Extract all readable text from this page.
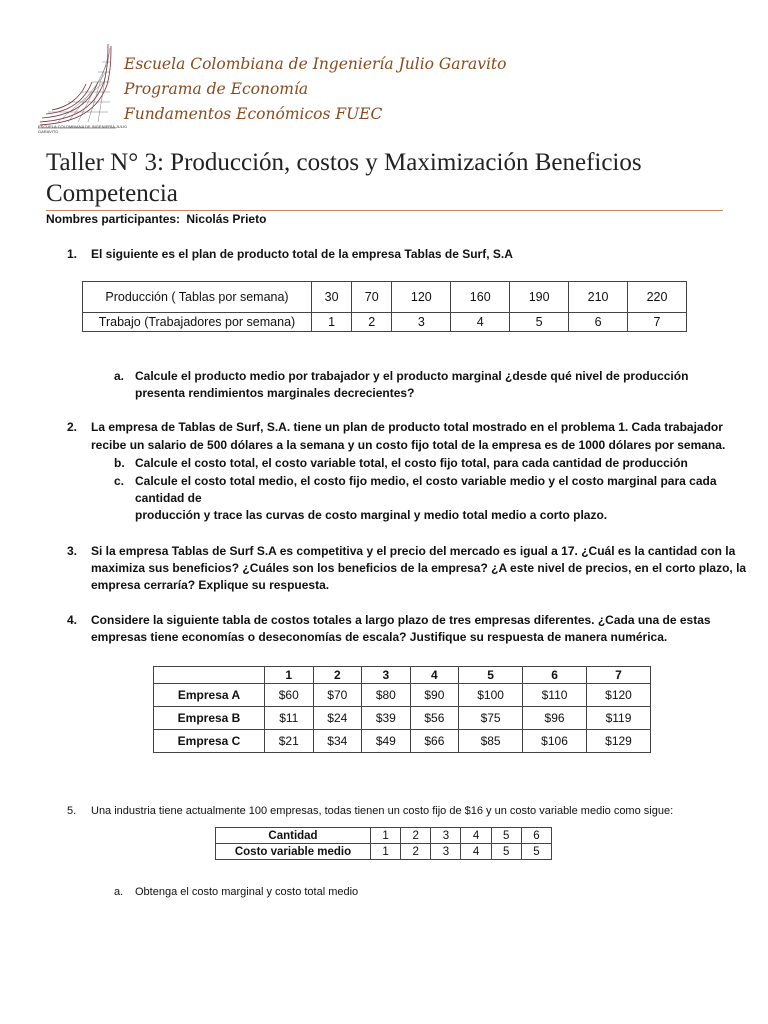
ESCUELA COLOMBIANA DE INGENIERÍA JULIO GARAVITO
Escuela Colombiana de Ingeniería Julio Garavito
Programa de Economía
Fundamentos Económicos FUEC
Taller N° 3: Producción, costos y Maximización Beneficios
Competencia
Nombres participantes: Nicolás Prieto
1. El siguiente es el plan de producto total de la empresa Tablas de Surf, S.A
Producción ( Tablas por semana)	30	70	120	160	190	210	220
Trabajo (Trabajadores por semana)	1	2	3	4	5	6	7
a. Calcule el producto medio por trabajador y el producto marginal ¿desde qué nivel de producción
presenta rendimientos marginales decrecientes?
2. La empresa de Tablas de Surf, S.A. tiene un plan de producto total mostrado en el problema 1. Cada trabajador
recibe un salario de 500 dólares a la semana y un costo fijo total de la empresa es de 1000 dólares por semana.
b. Calcule el costo total, el costo variable total, el costo fijo total, para cada cantidad de producción
c. Calcule el costo total medio, el costo fijo medio, el costo variable medio y el costo marginal para cada
cantidad de
producción y trace las curvas de costo marginal y medio total medio a corto plazo.
3. Si la empresa Tablas de Surf S.A es competitiva y el precio del mercado es igual a 17. ¿Cuál es la cantidad con la
maximiza sus beneficios? ¿Cuáles son los beneficios de la empresa? ¿A este nivel de precios, en el corto plazo, la
empresa cerraría? Explique su respuesta.
4. Considere la siguiente tabla de costos totales a largo plazo de tres empresas diferentes. ¿Cada una de estas
empresas tiene economías o deseconomías de escala? Justifique su respuesta de manera numérica.
	1	2	3	4	5	6	7
Empresa A	$60	$70	$80	$90	$100	$110	$120
Empresa B	$11	$24	$39	$56	$75	$96	$119
Empresa C	$21	$34	$49	$66	$85	$106	$129
5. Una industria tiene actualmente 100 empresas, todas tienen un costo fijo de $16 y un costo variable medio como sigue:
Cantidad	1	2	3	4	5	6
Costo variable medio	1	2	3	4	5	5
a. Obtenga el costo marginal y costo total medio
